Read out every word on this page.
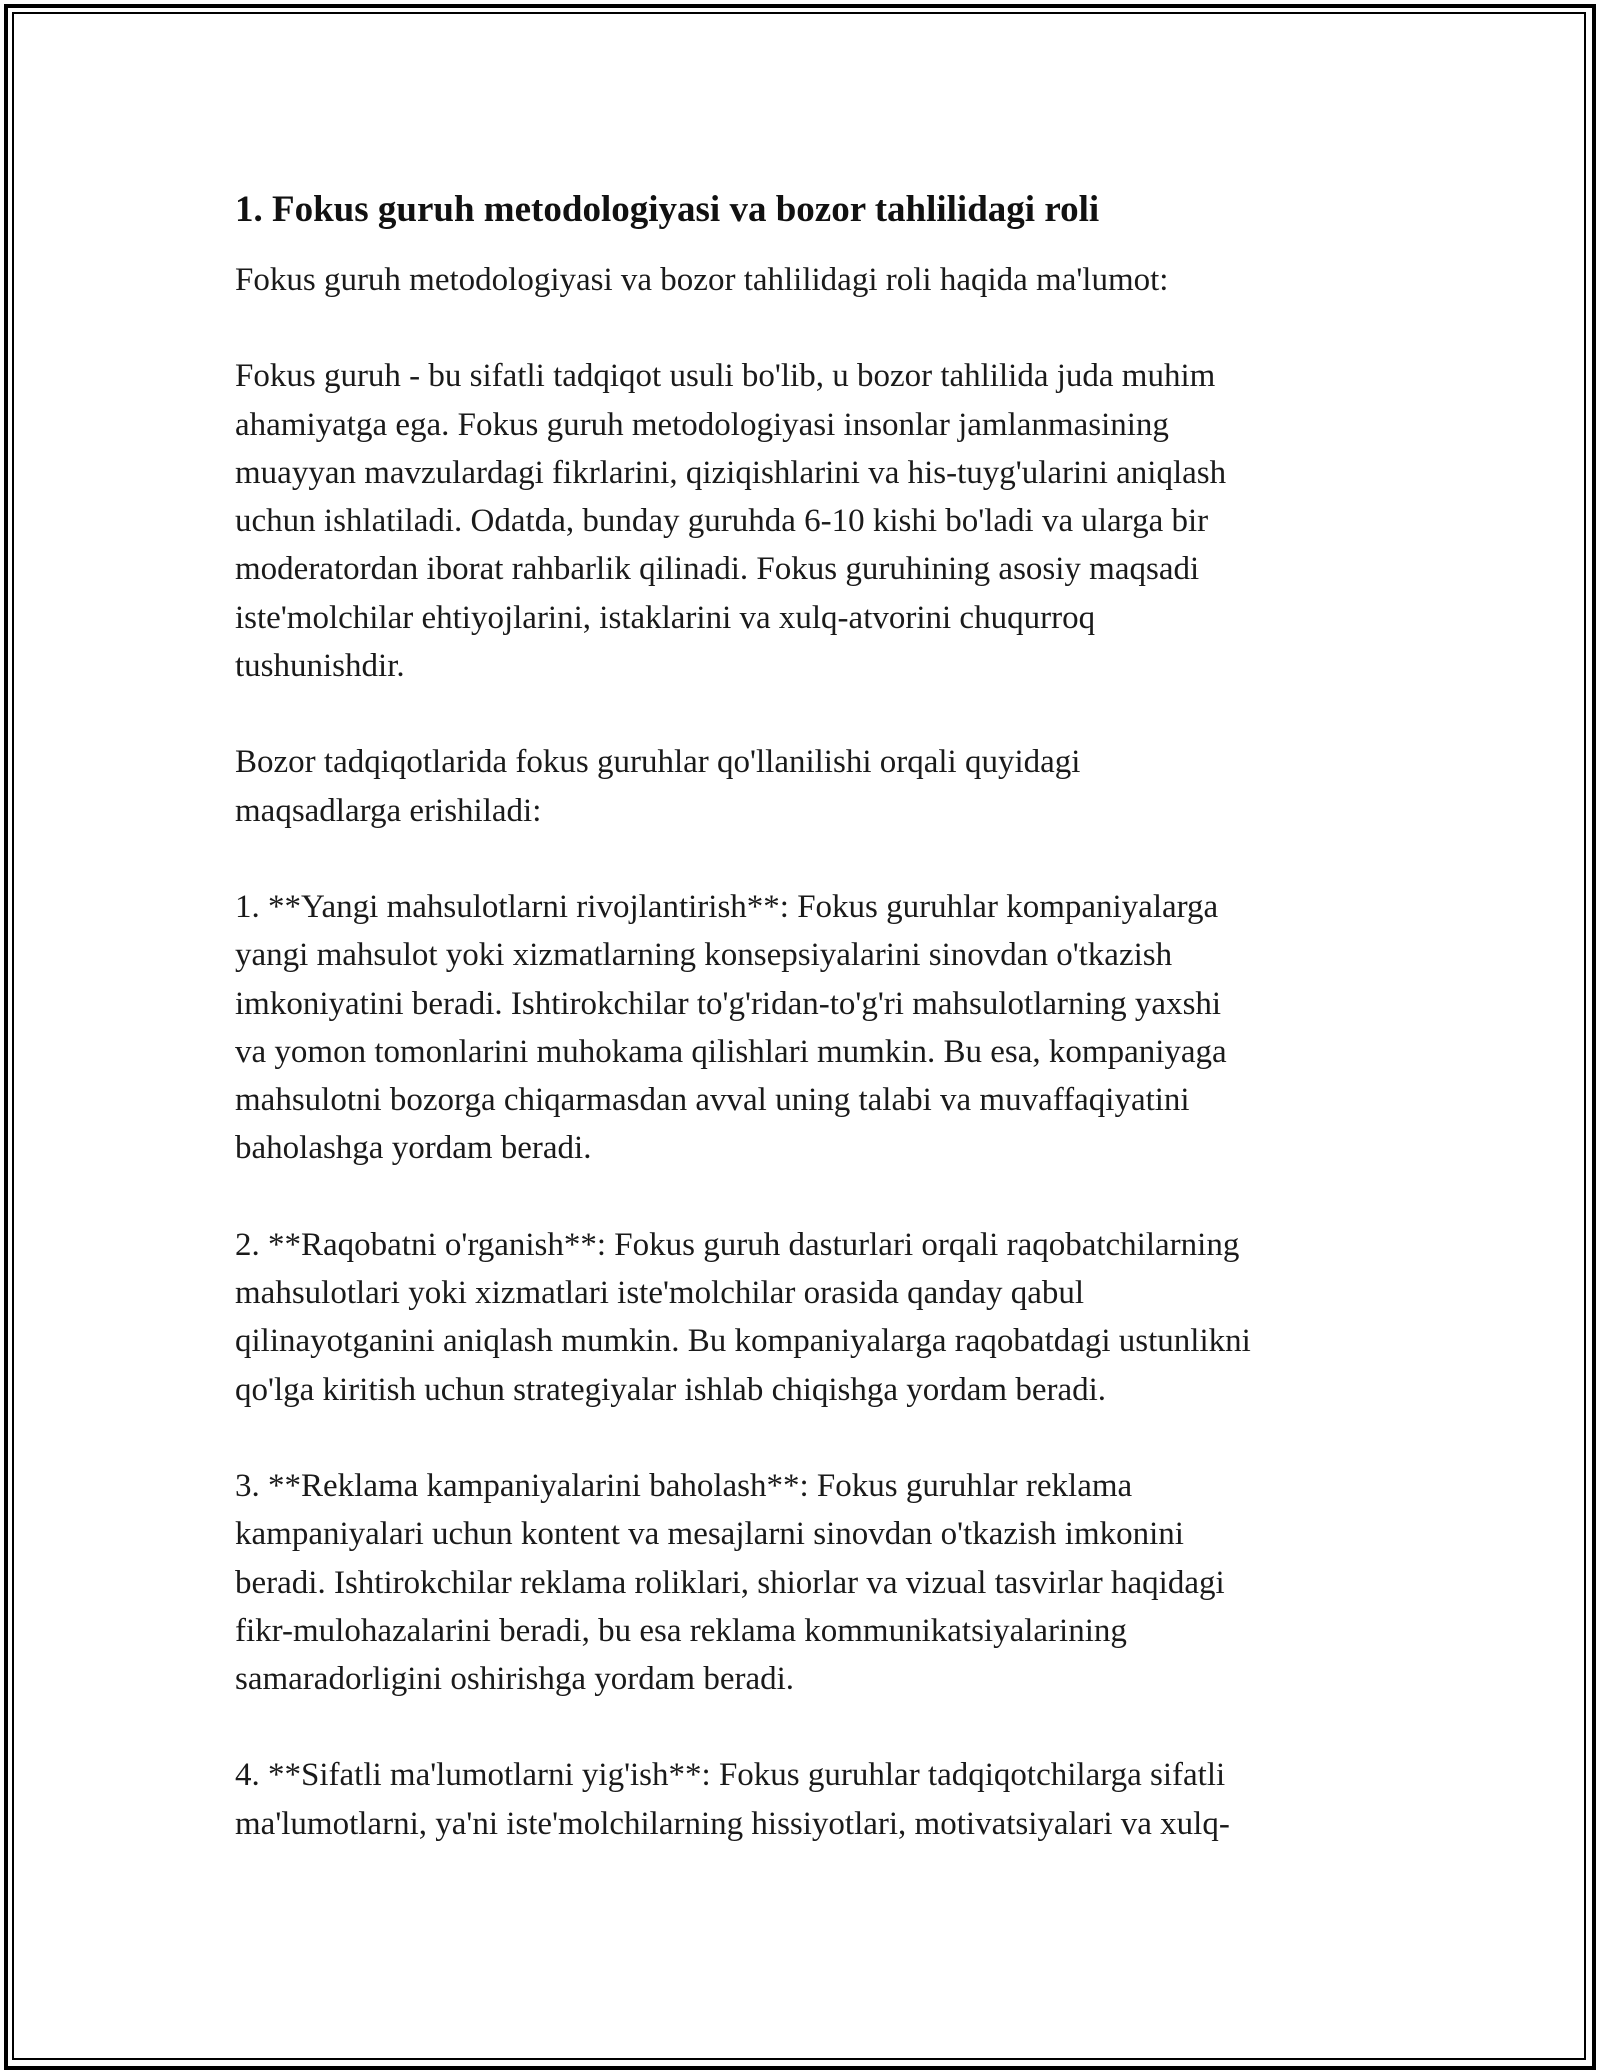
1. Fokus guruh metodologiyasi va bozor tahlilidagi roli

Fokus guruh metodologiyasi va bozor tahlilidagi roli haqida ma'lumot:

Fokus guruh - bu sifatli tadqiqot usuli bo'lib, u bozor tahlilida juda muhim
ahamiyatga ega. Fokus guruh metodologiyasi insonlar jamlanmasining
muayyan mavzulardagi fikrlarini, qiziqishlarini va his-tuyg'ularini aniqlash
uchun ishlatiladi. Odatda, bunday guruhda 6-10 kishi bo'ladi va ularga bir
moderatordan iborat rahbarlik qilinadi. Fokus guruhining asosiy maqsadi
iste'molchilar ehtiyojlarini, istaklarini va xulq-atvorini chuqurroq
tushunishdir.

Bozor tadqiqotlarida fokus guruhlar qo'llanilishi orqali quyidagi
maqsadlarga erishiladi:

1. **Yangi mahsulotlarni rivojlantirish**: Fokus guruhlar kompaniyalarga
yangi mahsulot yoki xizmatlarning konsepsiyalarini sinovdan o'tkazish
imkoniyatini beradi. Ishtirokchilar to'g'ridan-to'g'ri mahsulotlarning yaxshi
va yomon tomonlarini muhokama qilishlari mumkin. Bu esa, kompaniyaga
mahsulotni bozorga chiqarmasdan avval uning talabi va muvaffaqiyatini
baholashga yordam beradi.

2. **Raqobatni o'rganish**: Fokus guruh dasturlari orqali raqobatchilarning
mahsulotlari yoki xizmatlari iste'molchilar orasida qanday qabul
qilinayotganini aniqlash mumkin. Bu kompaniyalarga raqobatdagi ustunlikni
qo'lga kiritish uchun strategiyalar ishlab chiqishga yordam beradi.

3. **Reklama kampaniyalarini baholash**: Fokus guruhlar reklama
kampaniyalari uchun kontent va mesajlarni sinovdan o'tkazish imkonini
beradi. Ishtirokchilar reklama roliklari, shiorlar va vizual tasvirlar haqidagi
fikr-mulohazalarini beradi, bu esa reklama kommunikatsiyalarining
samaradorligini oshirishga yordam beradi.

4. **Sifatli ma'lumotlarni yig'ish**: Fokus guruhlar tadqiqotchilarga sifatli
ma'lumotlarni, ya'ni iste'molchilarning hissiyotlari, motivatsiyalari va xulq-
